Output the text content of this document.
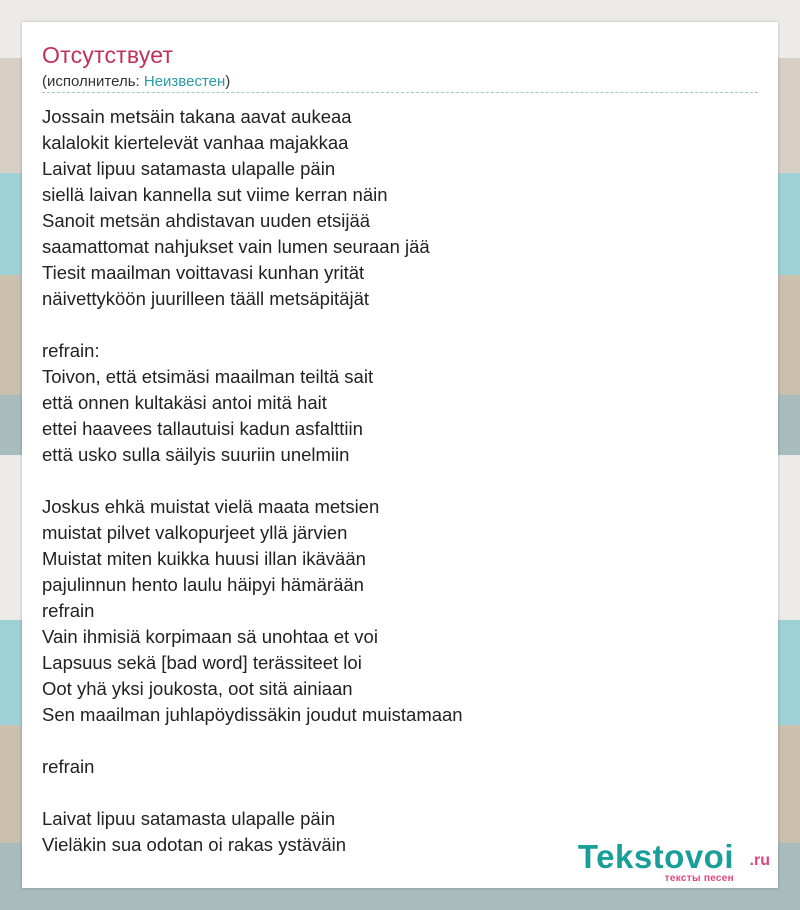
Отсутствует
(исполнитель: Неизвестен)
Jossain metsäin takana aavat aukeaa
kalalokit kiertelevät vanhaa majakkaa
Laivat lipuu satamasta ulapalle päin
siellä laivan kannella sut viime kerran näin
Sanoit metsän ahdistavan uuden etsijää
saamattomat nahjukset vain lumen seuraan jää
Tiesit maailman voittavasi kunhan yrität
näivettyköön juurilleen tääll metsäpitäjät
refrain:
Toivon, että etsimäsi maailman teiltä sait
että onnen kultakäsi antoi mitä hait
ettei haavees tallautuisi kadun asfalttiin
että usko sulla säilyis suuriin unelmiin
Joskus ehkä muistat vielä maata metsien
muistat pilvet valkopurjeet yllä järvien
Muistat miten kuikka huusi illan ikävään
pajulinnun hento laulu häipyi hämärään
refrain
Vain ihmisiä korpimaan sä unohtaa et voi
Lapsuus sekä [bad word] terässiteet loi
Oot yhä yksi joukosta, oot sitä ainiaan
Sen maailman juhlapöydissäkin joudut muistamaan
refrain
Laivat lipuu satamasta ulapalle päin
Vieläkin sua odotan oi rakas ystäväin	Tekstovoi .ru
тексты песен
